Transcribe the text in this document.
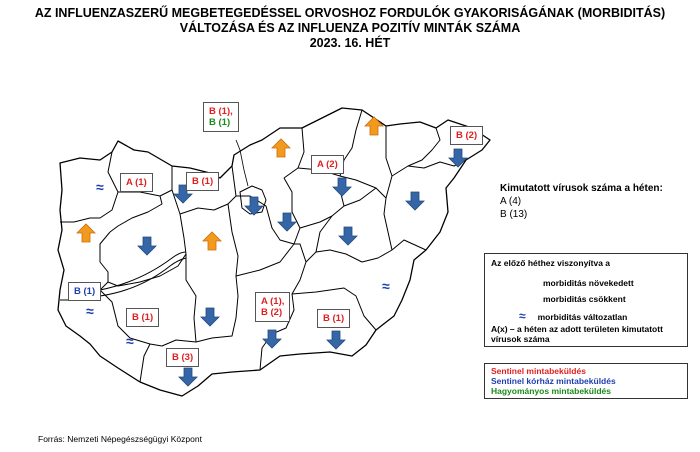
AZ INFLUENZASZERŰ MEGBETEGEDÉSSEL ORVOSHOZ FORDULÓK GYAKORISÁGÁNAK (MORBIDITÁS)
VÁLTOZÁSA ÉS AZ INFLUENZA POZITÍV MINTÁK SZÁMA
2023. 16. HÉT
≈
≈
≈
≈
B (1),
B (1)
A (1)	B (1)
A (2)
B (2)
B (1)
B (1)
B (3)
A (1),
B (2)
B (1)
Kimutatott vírusok száma a héten:
A (4)
B (13)
Az előző héthez viszonyítva a
morbiditás növekedett
morbiditás csökkent
≈ morbiditás változatlan
A(x) – a héten az adott területen kimutatott vírusok száma
Sentinel mintabeküldés
Sentinel kórház mintabeküldés
Hagyományos mintabeküldés
Forrás: Nemzeti Népegészségügyi Központ
